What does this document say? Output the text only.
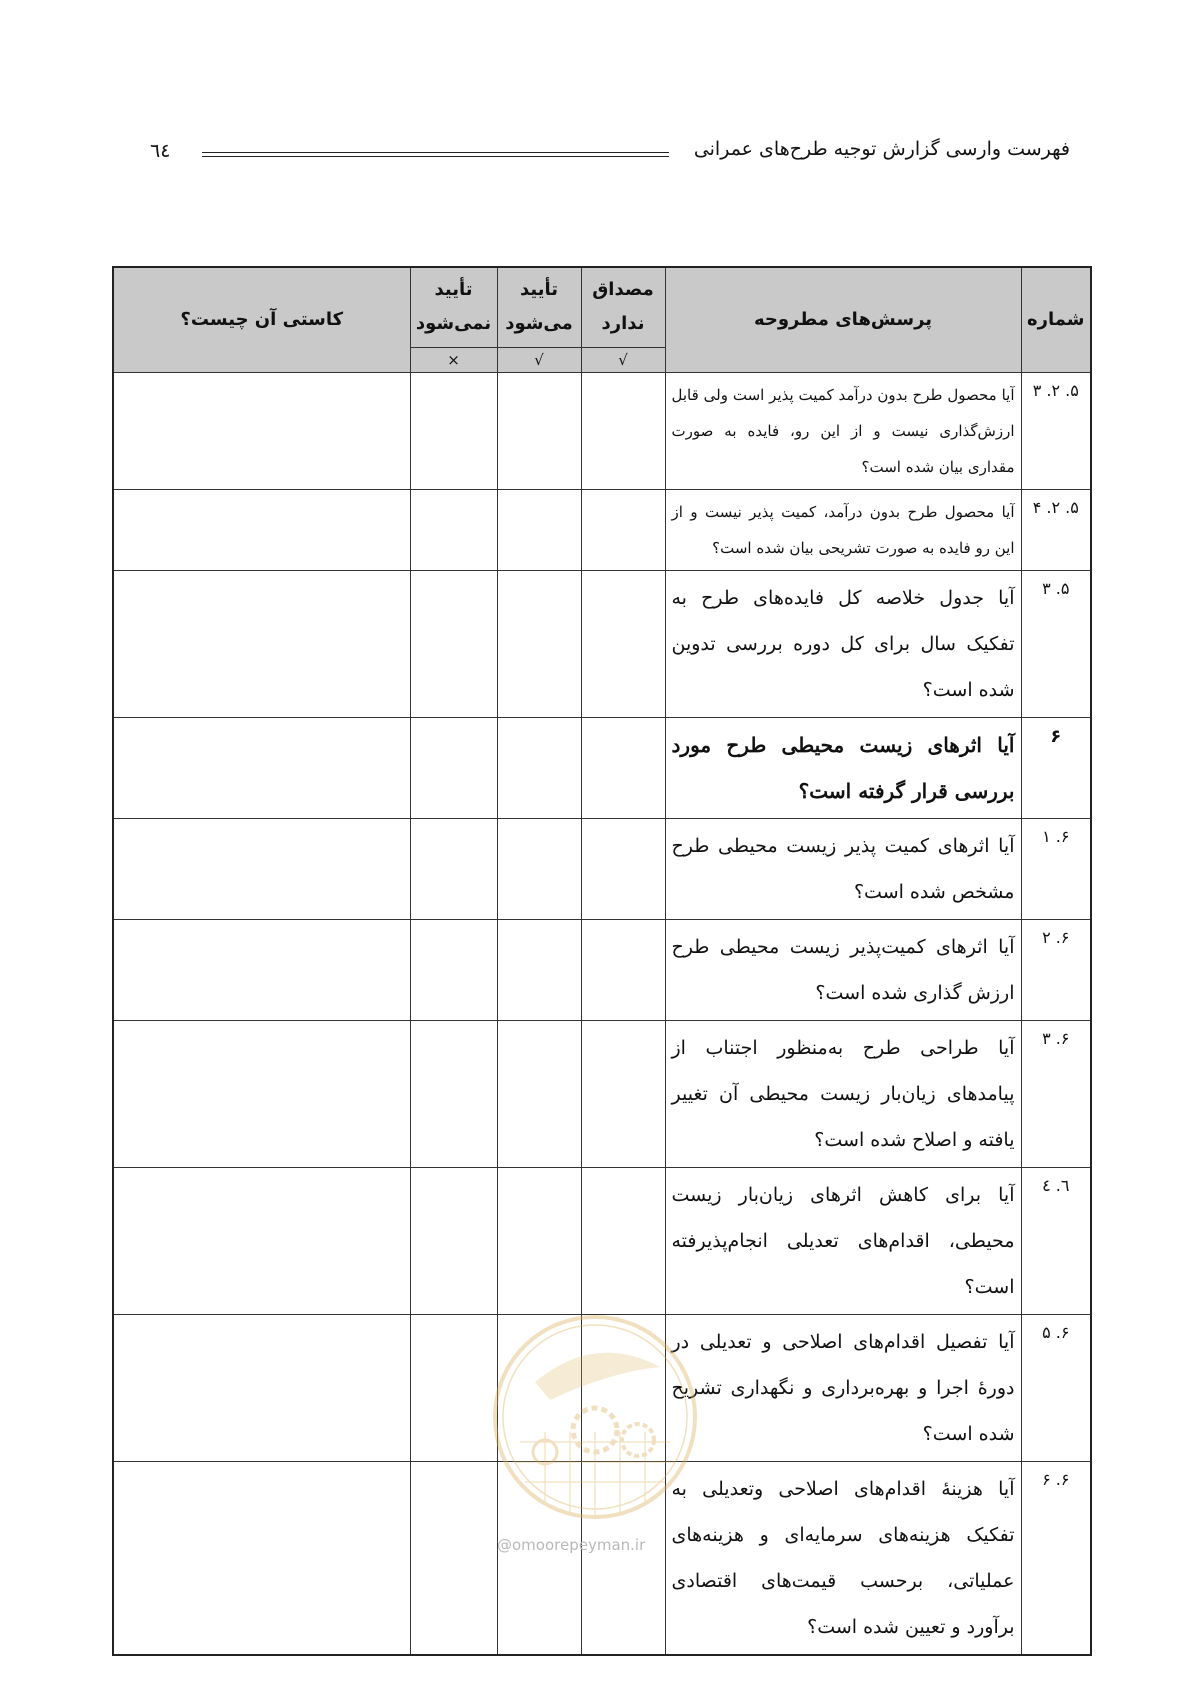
٦٤	فهرست وارسی گزارش توجیه طرح‌های عمرانی
شماره	پرسش‌های مطروحه	مصداق ندارد	تأیید می‌شود	تأیید نمی‌شود	کاستی آن چیست؟
		√	√	×	
۵. ۲. ۳	آیا محصول طرح بدون درآمد کمیت پذیر است ولی قابل ارزش‌گذاری نیست و از این رو، فایده به صورت مقداری بیان شده است؟				
۵. ۲. ۴	آیا محصول طرح بدون درآمد، کمیت پذیر نیست و از این رو فایده به صورت تشریحی بیان شده است؟				
۵. ۳	آیا جدول خلاصه کل فایده‌های طرح به تفکیک سال برای کل دوره بررسی تدوین شده است؟				
۶	آیا اثرهای زیست محیطی طرح مورد بررسی قرار گرفته است؟				
۶. ۱	آیا اثرهای کمیت پذیر زیست محیطی طرح مشخص شده است؟				
۶. ۲	آیا اثرهای کمیت‌پذیر زیست محیطی طرح ارزش گذاری شده است؟				
۶. ۳	آیا طراحی طرح به‌منظور اجتناب از پیامدهای زیان‌بار زیست محیطی آن تغییر یافته و اصلاح شده است؟				
٦. ٤	آیا برای کاهش اثرهای زیان‌بار زیست محیطی، اقدام‌های تعدیلی انجام‌پذیرفته است؟				
۶. ۵	آیا تفصیل اقدام‌های اصلاحی و تعدیلی در دورهٔ اجرا و بهره‌برداری و نگهداری تشریح شده است؟				
۶. ۶	آیا هزینهٔ اقدام‌های اصلاحی وتعدیلی به تفکیک هزینه‌های سرمایه‌ای و هزینه‌های عملیاتی، برحسب قیمت‌های اقتصادی برآورد و تعیین شده است؟				
@omoorepeyman.ir
